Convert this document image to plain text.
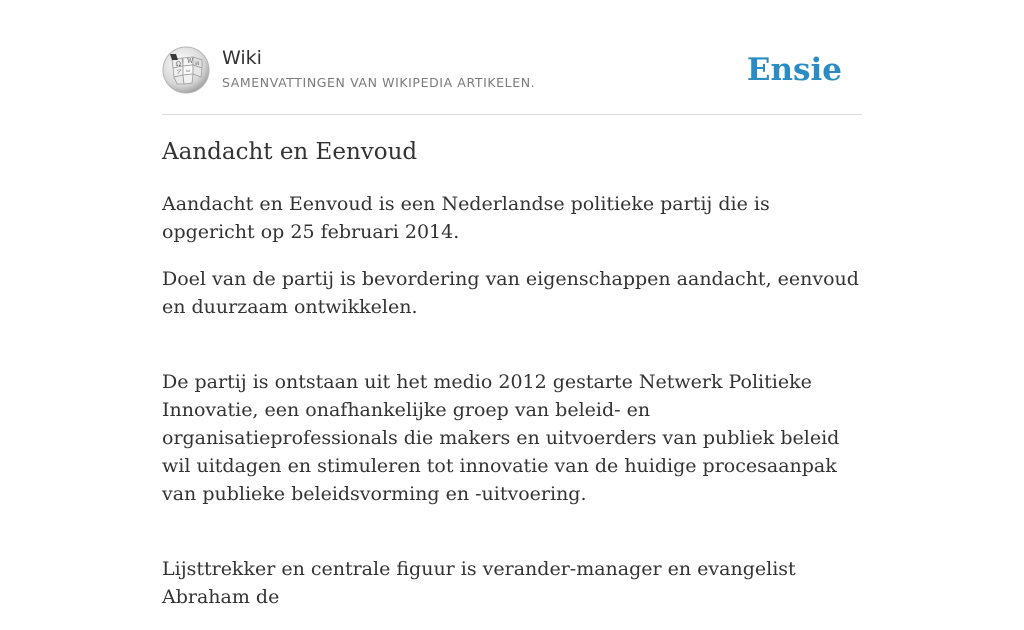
Ω W И
ア ω
Wiki
SAMENVATTINGEN VAN WIKIPEDIA ARTIKELEN.	Ensie
Aandacht en Eenvoud

Aandacht en Eenvoud is een Nederlandse politieke partij die is opgericht op 25 februari 2014.

Doel van de partij is bevordering van eigenschappen aandacht, eenvoud en duurzaam ontwikkelen.

De partij is ontstaan uit het medio 2012 gestarte Netwerk Politieke Innovatie, een onafhankelijke groep van beleid- en organisatieprofessionals die makers en uitvoerders van publiek beleid wil uitdagen en stimuleren tot innovatie van de huidige procesaanpak van publieke beleidsvorming en -uitvoering.

Lijsttrekker en centrale figuur is verander-manager en evangelist Abraham de
